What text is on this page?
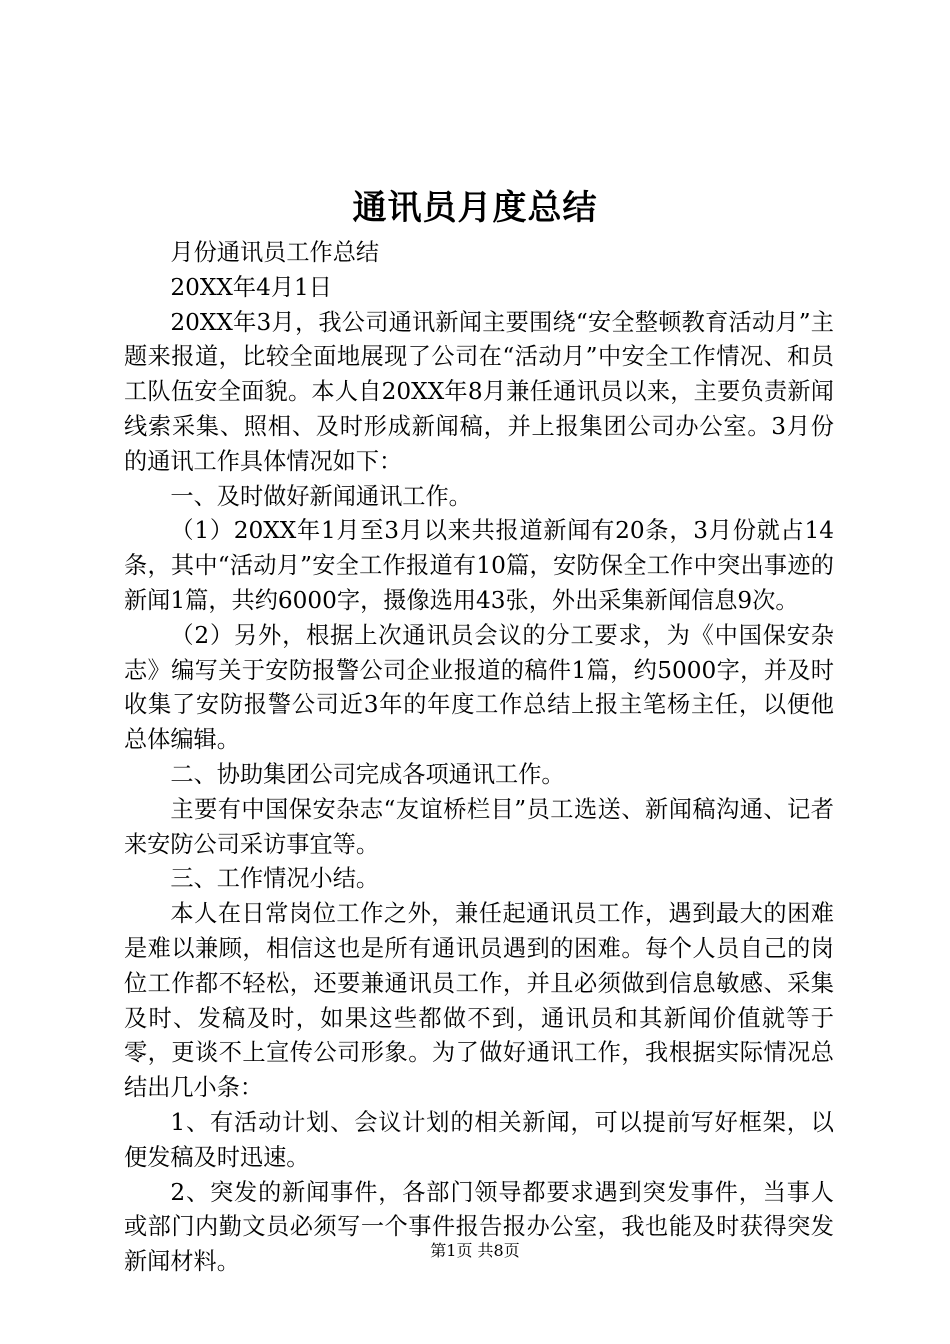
通讯员月度总结

月份通讯员工作总结

20XX年4月1日

20XX年3月，我公司通讯新闻主要围绕“安全整顿教育活动月”主题来报道，比较全面地展现了公司在“活动月”中安全工作情况、和员工队伍安全面貌。本人自20XX年8月兼任通讯员以来，主要负责新闻线索采集、照相、及时形成新闻稿，并上报集团公司办公室。3月份的通讯工作具体情况如下：

一、及时做好新闻通讯工作。

（1）20XX年1月至3月以来共报道新闻有20条，3月份就占14条，其中“活动月”安全工作报道有10篇，安防保全工作中突出事迹的新闻1篇，共约6000字，摄像选用43张，外出采集新闻信息9次。

（2）另外，根据上次通讯员会议的分工要求，为《中国保安杂志》编写关于安防报警公司企业报道的稿件1篇，约5000字，并及时收集了安防报警公司近3年的年度工作总结上报主笔杨主任，以便他总体编辑。

二、协助集团公司完成各项通讯工作。

主要有中国保安杂志“友谊桥栏目”员工选送、新闻稿沟通、记者来安防公司采访事宜等。

三、工作情况小结。

本人在日常岗位工作之外，兼任起通讯员工作，遇到最大的困难是难以兼顾，相信这也是所有通讯员遇到的困难。每个人员自己的岗位工作都不轻松，还要兼通讯员工作，并且必须做到信息敏感、采集及时、发稿及时，如果这些都做不到，通讯员和其新闻价值就等于零，更谈不上宣传公司形象。为了做好通讯工作，我根据实际情况总结出几小条：

1、有活动计划、会议计划的相关新闻，可以提前写好框架，以便发稿及时迅速。

2、突发的新闻事件，各部门领导都要求遇到突发事件，当事人或部门内勤文员必须写一个事件报告报办公室，我也能及时获得突发新闻材料。	第1页 共8页
